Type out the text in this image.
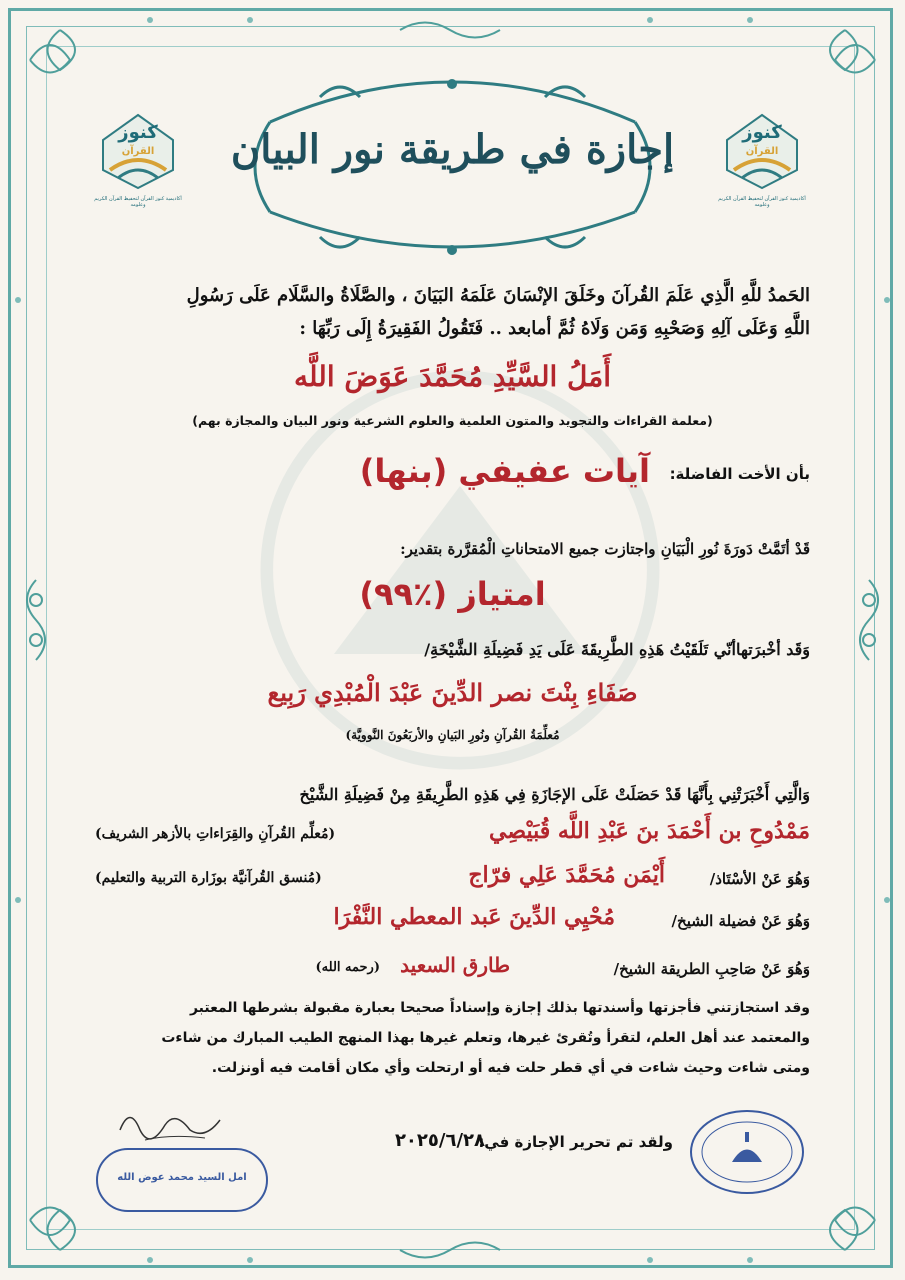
إجازة في طريقة نور البيان	كنوز
القرآن
أكاديمية كنوز القرآن لتحفيظ القرآن الكريم وعلومه
كنوز
القرآن
أكاديمية كنوز القرآن لتحفيظ القرآن الكريم وعلومه
الحَمدُ للَّهِ الَّذِي عَلَمَ القُرآنَ وخَلَقَ الإنْسَانَ عَلَمَهُ البَيَانَ ، والصَّلَاةُ والسَّلَام عَلَى رَسُولِ
اللَّهِ وَعَلَى آلِهِ وَصَحْبِهِ وَمَن وَلَاهُ ثُمَّ أمابعد .. فَتَقُولُ الفَقِيرَةُ إِلَى رَبِّهَا :
أَمَلُ السَّيِّدِ مُحَمَّدَ عَوَضَ اللَّه
(معلمة القراءات والتجويد والمتون العلمية والعلوم الشرعية ونور البيان والمجازة بهم)
بأن الأخت الفاضلة:
آيات عفيفي (بنها)
قَدْ أتَمَّتْ دَورَةَ نُورِ الْبَيَانِ واجتازت جميع الامتحاناتِ الْمُقرَّرة بتقدير:
امتياز (٪٩٩)
وَقَد أخْبرَتهاأنّي تَلَقَيْتُ هَذِهِ الطَّرِيقَةَ عَلَى يَدِ فَضِيلَةِ الشَّيْخَةِ/
صَفَاءِ بِنْتَ نصر الدِّينَ عَبْدَ الْمُبْدِي رَبِيع
مُعلِّمَةُ القُرآنِ ونُورِ البَيانِ والأربَعُونَ النَّوويَّة)
وَالَّتِي أَخْبَرَتْنِي بِأَنَّهَا قَدْ حَصَلَتْ عَلَى الإجَازَةِ فِي هَذِهِ الطَّرِيقَةِ مِنْ فَضِيلَةِ الشَّيْخ
مَمْدُوحِ بن أَحْمَدَ بنَ عَبْدِ اللَّه قُبَيْصِي
(مُعلِّم القُرآنِ والقِرَاءاتِ بالأزهر الشريف)
وَهُوَ عَنْ الأسْتَاذ/
أَيْمَن مُحَمَّدَ عَلِي فرّاج
(مُنسق القُرآنيَّة بوزَارة التربية والتعليم)
وَهُوَ عَنْ فضيلة الشيخ/
مُحْيِي الدِّينَ عَبد المعطي النَّفْرَا
وَهُوَ عَنْ صَاحِبِ الطريقة الشيخ/
طارق السعيد
(رحمه الله)
وقد استجازتني فأجزتها وأسندتها بذلك إجازة وإسناداً صحيحا بعبارة مقبولة بشرطها المعتبر
والمعتمد عند أهل العلم، لتقرأ وتُقرئ غيرها، وتعلم غيرها بهذا المنهج الطيب المبارك من شاءت
ومتى شاءت وحيث شاءت في أي قطر حلت فيه أو ارتحلت وأي مكان أقامت فيه أونزلت.
ولقد تم تحرير الإجازة في:
٢٠٢٥/٦/٢٨
امل السيد محمد عوض الله
